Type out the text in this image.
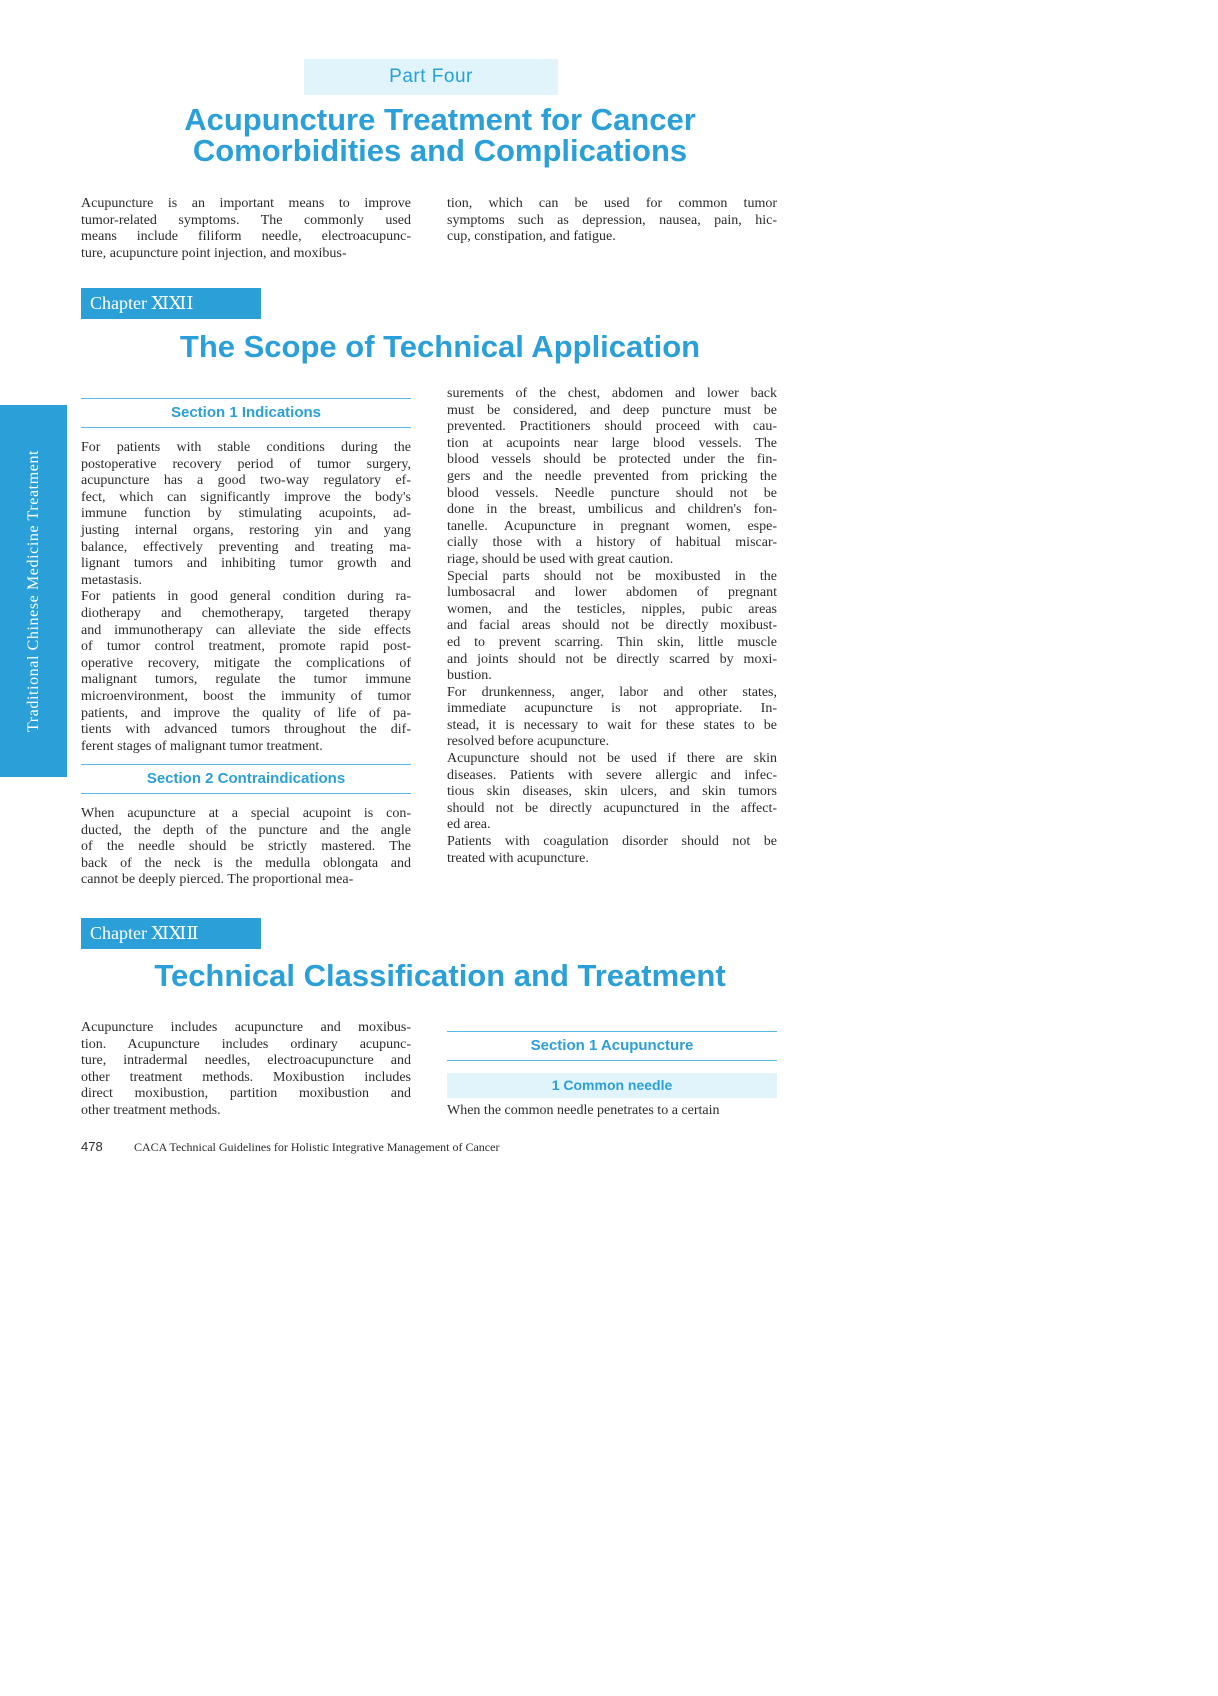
Part Four
Acupuncture Treatment for Cancer
Comorbidities and Complications

Acupuncture is an important means to improve
tumor-related symptoms. The commonly used
means include filiform needle, electroacupunc-
ture, acupuncture point injection, and moxibus-

tion, which can be used for common tumor
symptoms such as depression, nausea, pain, hic-
cup, constipation, and fatigue.

Chapter ⅪⅪⅠ
The Scope of Technical Application
Traditional Chinese Medicine Treatment
Section 1 Indications

For patients with stable conditions during the
postoperative recovery period of tumor surgery,
acupuncture has a good two-way regulatory ef-
fect, which can significantly improve the body's
immune function by stimulating acupoints, ad-
justing internal organs, restoring yin and yang
balance, effectively preventing and treating ma-
lignant tumors and inhibiting tumor growth and
metastasis.

For patients in good general condition during ra-
diotherapy and chemotherapy, targeted therapy
and immunotherapy can alleviate the side effects
of tumor control treatment, promote rapid post-
operative recovery, mitigate the complications of
malignant tumors, regulate the tumor immune
microenvironment, boost the immunity of tumor
patients, and improve the quality of life of pa-
tients with advanced tumors throughout the dif-
ferent stages of malignant tumor treatment.

Section 2 Contraindications

When acupuncture at a special acupoint is con-
ducted, the depth of the puncture and the angle
of the needle should be strictly mastered. The
back of the neck is the medulla oblongata and
cannot be deeply pierced. The proportional mea-

surements of the chest, abdomen and lower back
must be considered, and deep puncture must be
prevented. Practitioners should proceed with cau-
tion at acupoints near large blood vessels. The
blood vessels should be protected under the fin-
gers and the needle prevented from pricking the
blood vessels. Needle puncture should not be
done in the breast, umbilicus and children's fon-
tanelle. Acupuncture in pregnant women, espe-
cially those with a history of habitual miscar-
riage, should be used with great caution.

Special parts should not be moxibusted in the
lumbosacral and lower abdomen of pregnant
women, and the testicles, nipples, pubic areas
and facial areas should not be directly moxibust-
ed to prevent scarring. Thin skin, little muscle
and joints should not be directly scarred by moxi-
bustion.

For drunkenness, anger, labor and other states,
immediate acupuncture is not appropriate. In-
stead, it is necessary to wait for these states to be
resolved before acupuncture.

Acupuncture should not be used if there are skin
diseases. Patients with severe allergic and infec-
tious skin diseases, skin ulcers, and skin tumors
should not be directly acupunctured in the affect-
ed area.

Patients with coagulation disorder should not be
treated with acupuncture.

Chapter ⅪⅪⅡ
Technical Classification and Treatment

Acupuncture includes acupuncture and moxibus-
tion. Acupuncture includes ordinary acupunc-
ture, intradermal needles, electroacupuncture and
other treatment methods. Moxibustion includes
direct moxibustion, partition moxibustion and
other treatment methods.

Section 1 Acupuncture
1 Common needle

When the common needle penetrates to a certain

478	CACA Technical Guidelines for Holistic Integrative Management of Cancer
